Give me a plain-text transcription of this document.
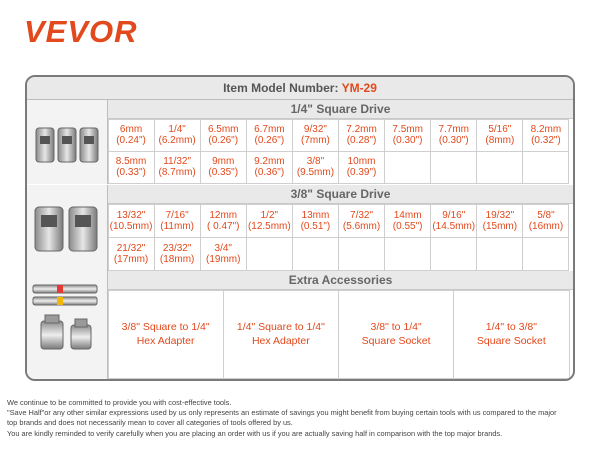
VEVOR
Item Model Number: YM-29
1/4" Square Drive
6mm
(0.24")
1/4"
(6.2mm)
6.5mm
(0.26")
6.7mm
(0.26")
9/32"
(7mm)
7.2mm
(0.28")
7.5mm
(0.30")
7.7mm
(0.30")
5/16"
(8mm)
8.2mm
(0.32")
8.5mm
(0.33")
11/32"
(8.7mm)
9mm
(0.35")
9.2mm
(0.36")
3/8"
(9.5mm)
10mm
(0.39")
3/8" Square Drive
13/32"
(10.5mm)
7/16"
(11mm)
12mm
( 0.47")
1/2"
(12.5mm)
13mm
(0.51")
7/32"
(5.6mm)
14mm
(0.55")
9/16"
(14.5mm)
19/32"
(15mm)
5/8"
(16mm)
21/32"
(17mm)
23/32"
(18mm)
3/4"
(19mm)
Extra Accessories
3/8" Square to 1/4"
Hex Adapter
1/4" Square to 1/4"
Hex Adapter
3/8" to 1/4"
Square Socket
1/4" to 3/8"
Square Socket
We continue to be committed to provide you with cost-effective tools.
"Save Half"or any other similar expressions used by us only represents an estimate of savings you might benefit from buying certain tools with us compared to the major
top brands and does not necessarily mean to cover all categories of tools offered by us.
You are kindly reminded to verify carefully when you are placing an order with us if you are actually saving half in comparison with the top major brands.
